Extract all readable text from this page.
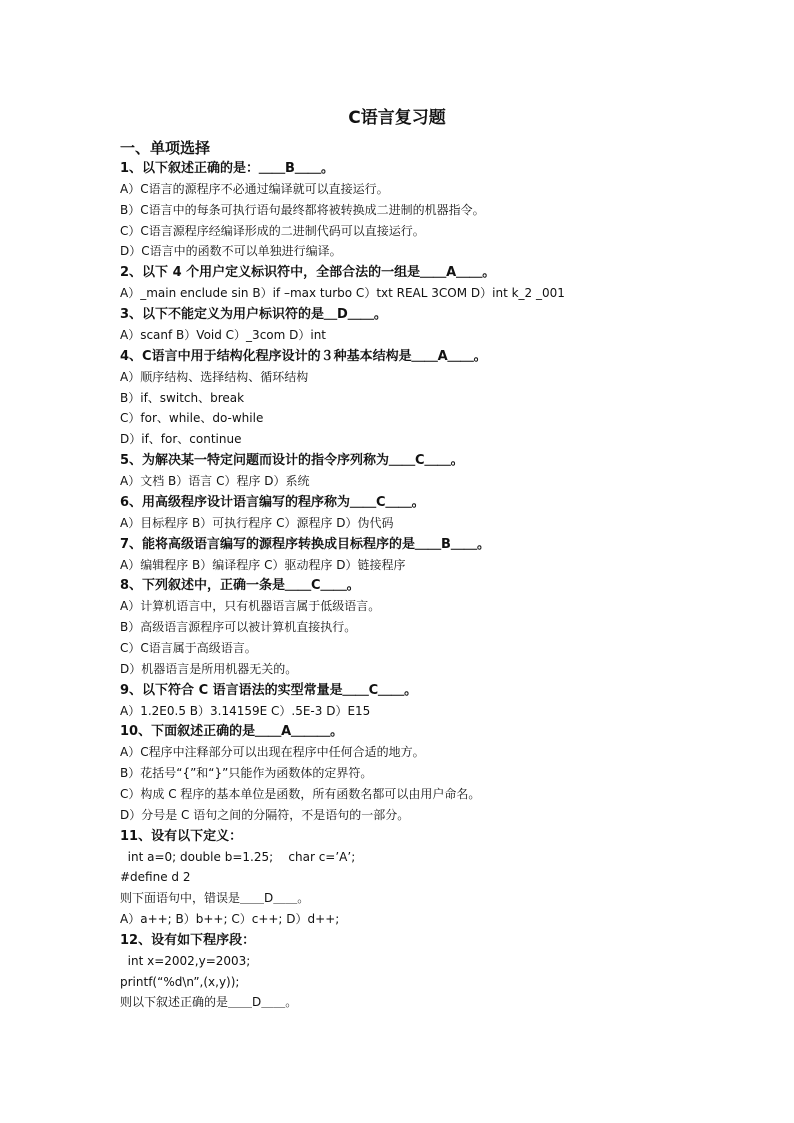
C语言复习题
一、单项选择
1、以下叙述正确的是：＿＿B＿＿。
A）C语言的源程序不必通过编译就可以直接运行。
B）C语言中的每条可执行语句最终都将被转换成二进制的机器指令。
C）C语言源程序经编译形成的二进制代码可以直接运行。
D）C语言中的函数不可以单独进行编译。
2、以下 4 个用户定义标识符中，全部合法的一组是＿＿A＿＿。
A）_main enclude sin B）if –max turbo C）txt REAL 3COM D）int k_2 _001
3、以下不能定义为用户标识符的是＿D＿＿。
A）scanf B）Void C）_3com D）int
4、C语言中用于结构化程序设计的３种基本结构是＿＿A＿＿。
A）顺序结构、选择结构、循环结构
B）if、switch、break
C）for、while、do-while
D）if、for、continue
5、为解决某一特定问题而设计的指令序列称为＿＿C＿＿。
A）文档 B）语言 C）程序 D）系统
6、用高级程序设计语言编写的程序称为＿＿C＿＿。
A）目标程序 B）可执行程序 C）源程序 D）伪代码
7、能将高级语言编写的源程序转换成目标程序的是＿＿B＿＿。
A）编辑程序 B）编译程序 C）驱动程序 D）链接程序
8、下列叙述中，正确一条是＿＿C＿＿。
A）计算机语言中，只有机器语言属于低级语言。
B）高级语言源程序可以被计算机直接执行。
C）C语言属于高级语言。
D）机器语言是所用机器无关的。
9、以下符合 C 语言语法的实型常量是＿＿C＿＿。
A）1.2E0.5 B）3.14159E C）.5E-3 D）E15
10、下面叙述正确的是＿＿A＿＿＿。
A）C程序中注释部分可以出现在程序中任何合适的地方。
B）花括号“{”和“}”只能作为函数体的定界符。
C）构成 C 程序的基本单位是函数，所有函数名都可以由用户命名。
D）分号是 C 语句之间的分隔符，不是语句的一部分。
11、设有以下定义：
int a=0; double b=1.25;    char c=’A’;
#define d 2
则下面语句中，错误是＿＿D＿＿。
A）a++; B）b++; C）c++; D）d++;
12、设有如下程序段：
int x=2002,y=2003;
printf(“%d\n”,(x,y));
则以下叙述正确的是＿＿D＿＿。
